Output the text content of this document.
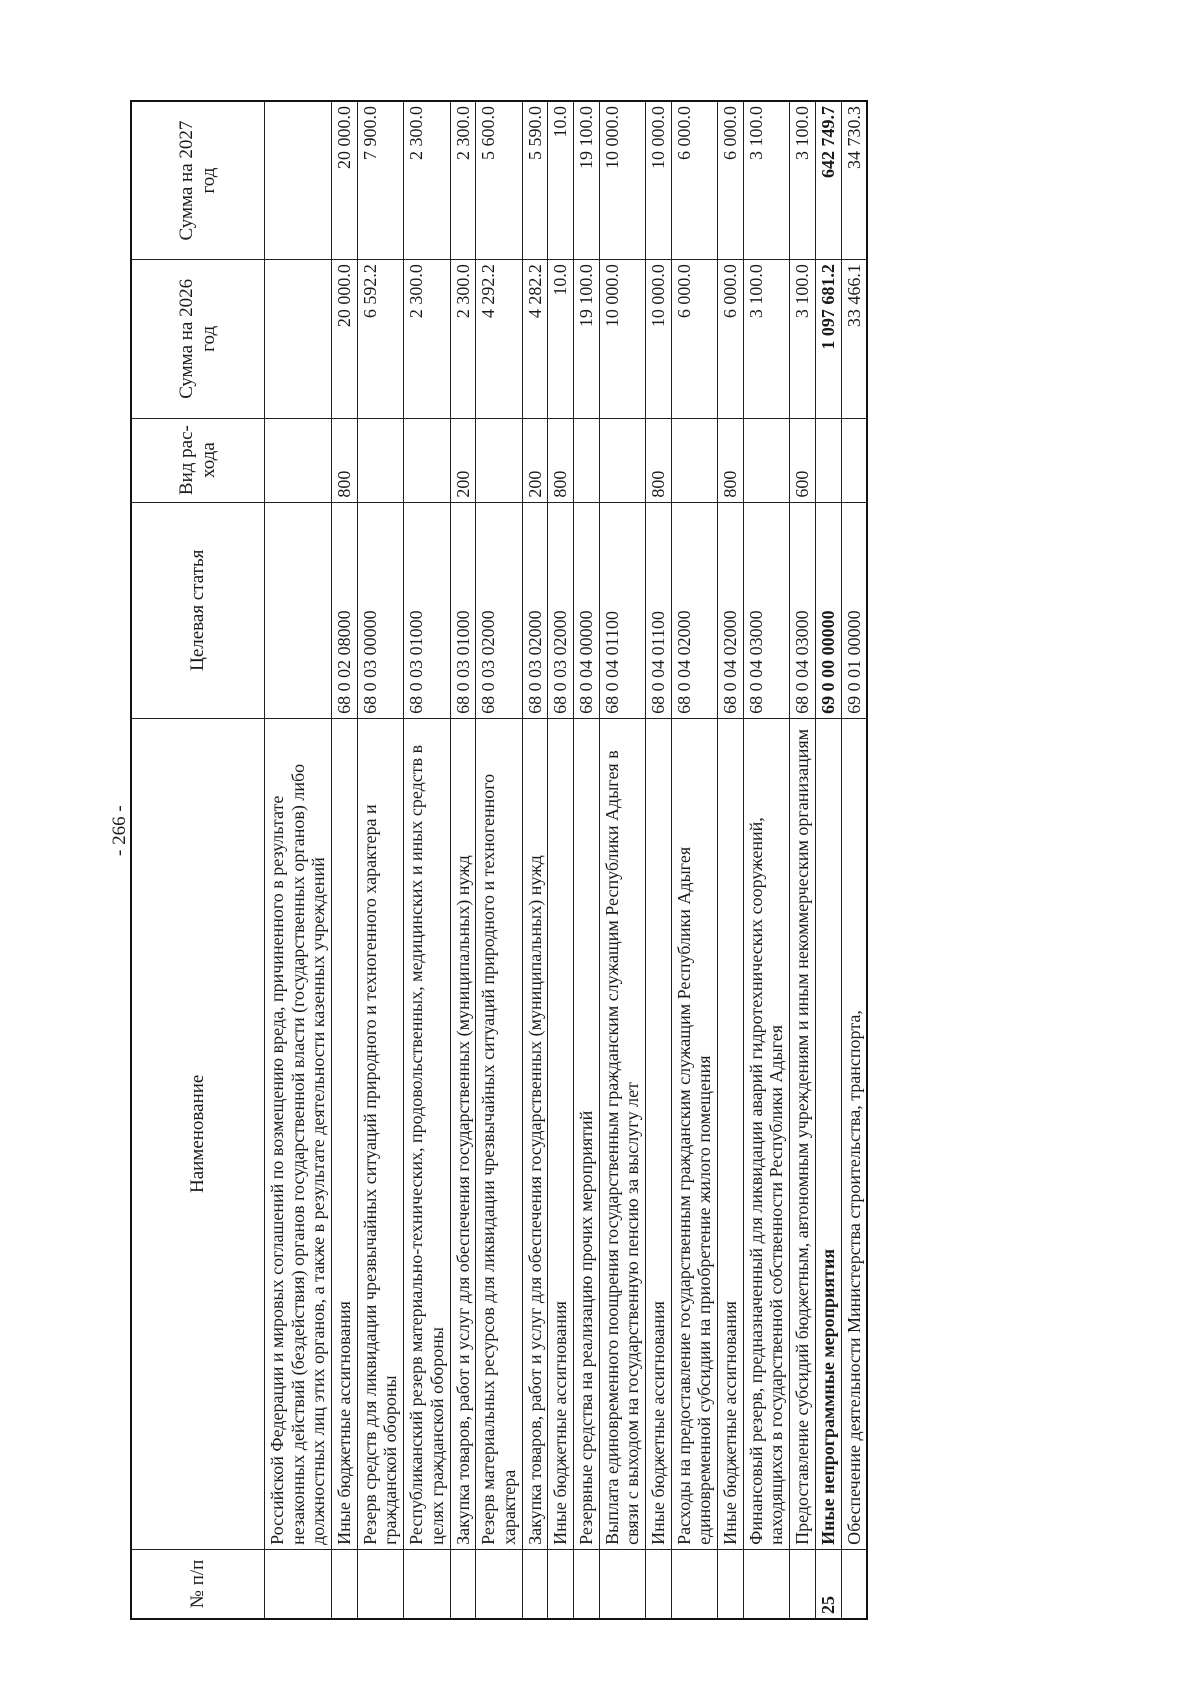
- 266 -
№ п/п	Наименование	Целевая статья	Вид рас-хода	Сумма на 2026 год	Сумма на 2027 год
	Российской Федерации и мировых соглашений по возмещению вреда, причиненного в результате незаконных действий (бездействия) органов государственной власти (государственных органов) либо должностных лиц этих органов, а также в результате деятельности казенных учреждений				
	Иные бюджетные ассигнования	68 0 02 08000	800	20 000.0	20 000.0
	Резерв средств для ликвидации чрезвычайных ситуаций природного и техногенного характера и гражданской обороны	68 0 03 00000		6 592.2	7 900.0
	Республиканский резерв материально-технических, продовольственных, медицинских и иных средств в целях гражданской обороны	68 0 03 01000		2 300.0	2 300.0
	Закупка товаров, работ и услуг для обеспечения государственных (муниципальных) нужд	68 0 03 01000	200	2 300.0	2 300.0
	Резерв материальных ресурсов для ликвидации чрезвычайных ситуаций природного и техногенного характера	68 0 03 02000		4 292.2	5 600.0
	Закупка товаров, работ и услуг для обеспечения государственных (муниципальных) нужд	68 0 03 02000	200	4 282.2	5 590.0
	Иные бюджетные ассигнования	68 0 03 02000	800	10.0	10.0
	Резервные средства на реализацию прочих мероприятий	68 0 04 00000		19 100.0	19 100.0
	Выплата единовременного поощрения государственным гражданским служащим Республики Адыгея в связи с выходом на государственную пенсию за выслугу лет	68 0 04 01100		10 000.0	10 000.0
	Иные бюджетные ассигнования	68 0 04 01100	800	10 000.0	10 000.0
	Расходы на предоставление государственным гражданским служащим Республики Адыгея единовременной субсидии на приобретение жилого помещения	68 0 04 02000		6 000.0	6 000.0
	Иные бюджетные ассигнования	68 0 04 02000	800	6 000.0	6 000.0
	Финансовый резерв, предназначенный для ликвидации аварий гидротехнических сооружений, находящихся в государственной собственности Республики Адыгея	68 0 04 03000		3 100.0	3 100.0
	Предоставление субсидий бюджетным, автономным учреждениям и иным некоммерческим организациям	68 0 04 03000	600	3 100.0	3 100.0
25	Иные непрограммные мероприятия	69 0 00 00000		1 097 681.2	642 749.7
	Обеспечение деятельности Министерства строительства, транспорта,	69 0 01 00000		33 466.1	34 730.3
